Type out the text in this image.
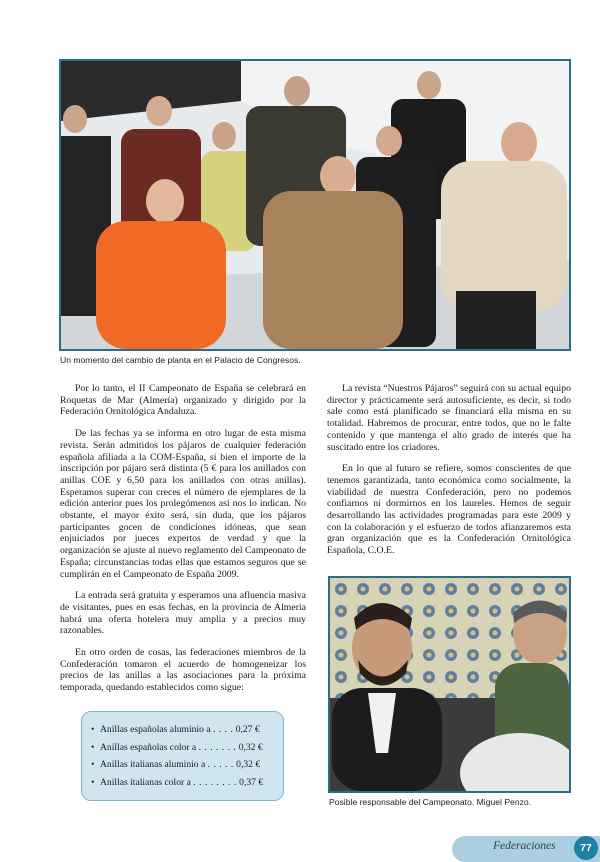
Un momento del cambio de planta en el Palacio de Congresos.

Por lo tanto, el II Campeonato de España se celebrará en Roquetas de Mar (Almería) organizado y dirigido por la Federación Ornitológica Andaluza.

De las fechas ya se informa en otro lugar de esta misma revista. Serán admitidos los pájaros de cualquier federación española afiliada a la COM-España, si bien el importe de la inscripción por pájaro será distinta (5 € para los anillados con anillas COE y 6,50 para los anillados con otras anillas). Esperamos superar con creces el número de ejemplares de la edición anterior pues los prolegómenos así nos lo indican. No obstante, el mayor éxito será, sin duda, que los pájaros participantes gocen de condiciones idóneas, que sean enjuiciados por jueces expertos de verdad y que la organización se ajuste al nuevo reglamento del Campeonato de España; circunstancias todas ellas que estamos seguros que se cumplirán en el Campeonato de España 2009.

La entrada será gratuita y esperamos una afluencia masiva de visitantes, pues en esas fechas, en la provincia de Almería habrá una oferta hotelera muy amplia y a precios muy razonables.

En otro orden de cosas, las federaciones miembros de la Confederación tomaron el acuerdo de homogeneizar los precios de las anillas a las asociaciones para la próxima temporada, quedando establecidos como sigue:

• Anillas españolas aluminio a
. . . .
0,27 €
• Anillas españolas color a
. . . . . . .
0,32 €
• Anillas italianas aluminio a
. . . . .
0,32 €
• Anillas italianas color a
. . . . . . . .
0,37 €

La revista “Nuestros Pájaros” seguirá con su actual equipo director y prácticamente será autosuficiente, es decir, si todo sale como está planificado se financiará ella misma en su totalidad. Habremos de procurar, entre todos, que no le falte contenido y que mantenga el alto grado de interés que ha suscitado entre los criadores.

En lo que al futuro se refiere, somos conscientes de que tenemos garantizada, tanto económica como socialmente, la viabilidad de nuestra Confederación, pero no podemos confiarnos ni dormirnos en los laureles. Hemos de seguir desarrollando las actividades programadas para este 2009 y con la colaboración y el esfuerzo de todos afianzaremos esta gran organización que es la Confederación Ornitológica Española, C.O.E.

Posible responsable del Campeonato. Miguel Penzo.
Federaciones	77
